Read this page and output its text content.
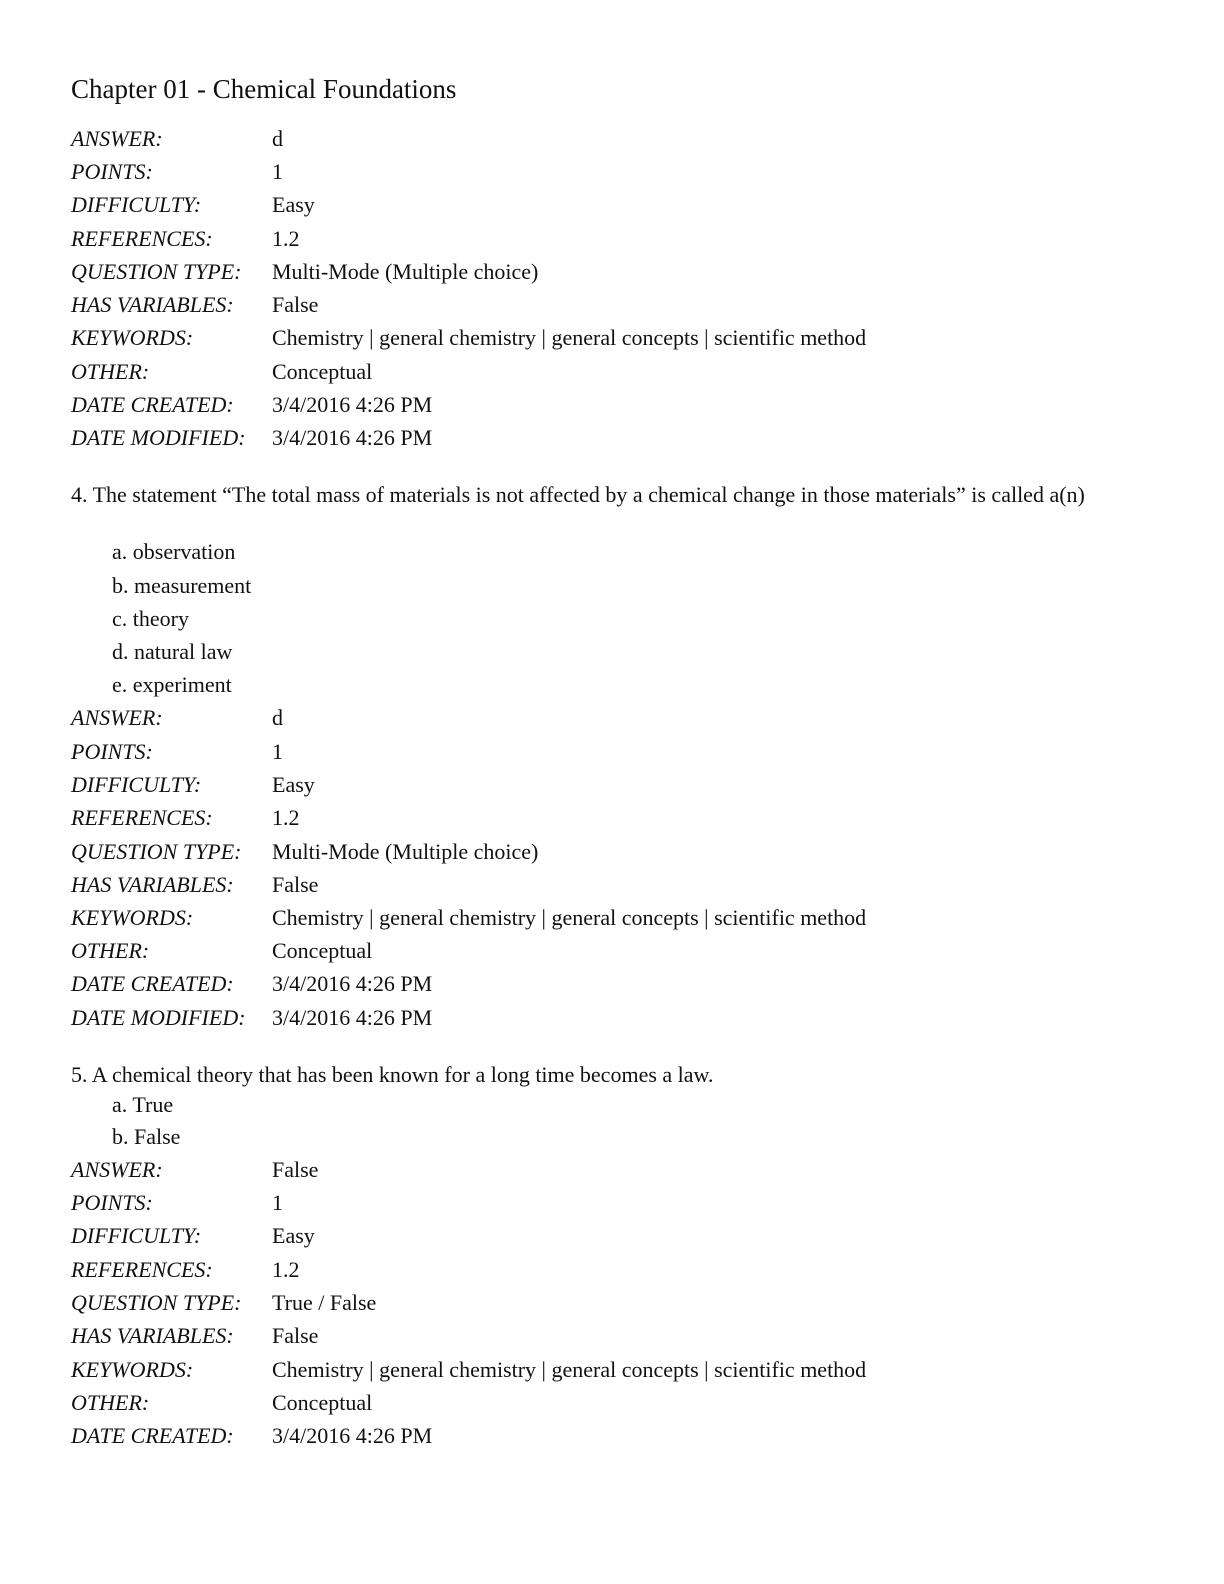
Chapter 01 - Chemical Foundations
ANSWER:	d
POINTS:	1
DIFFICULTY:	Easy
REFERENCES:	1.2
QUESTION TYPE: Multi-Mode (Multiple choice)
HAS VARIABLES: False
KEYWORDS:	Chemistry | general chemistry | general concepts | scientific method
OTHER:	Conceptual
DATE CREATED: 3/4/2016 4:26 PM
DATE MODIFIED: 3/4/2016 4:26 PM
4. The statement “The total mass of materials is not affected by a chemical change in those materials” is called a(n)
a. observation
b. measurement
c. theory
d. natural law
e. experiment
ANSWER:	d
POINTS:	1
DIFFICULTY:	Easy
REFERENCES:	1.2
QUESTION TYPE: Multi-Mode (Multiple choice)
HAS VARIABLES: False
KEYWORDS:	Chemistry | general chemistry | general concepts | scientific method
OTHER:	Conceptual
DATE CREATED: 3/4/2016 4:26 PM
DATE MODIFIED: 3/4/2016 4:26 PM
5. A chemical theory that has been known for a long time becomes a law.
a. True
b. False
ANSWER:	False
POINTS:	1
DIFFICULTY:	Easy
REFERENCES:	1.2
QUESTION TYPE: True / False
HAS VARIABLES: False
KEYWORDS:	Chemistry | general chemistry | general concepts | scientific method
OTHER:	Conceptual
DATE CREATED: 3/4/2016 4:26 PM
